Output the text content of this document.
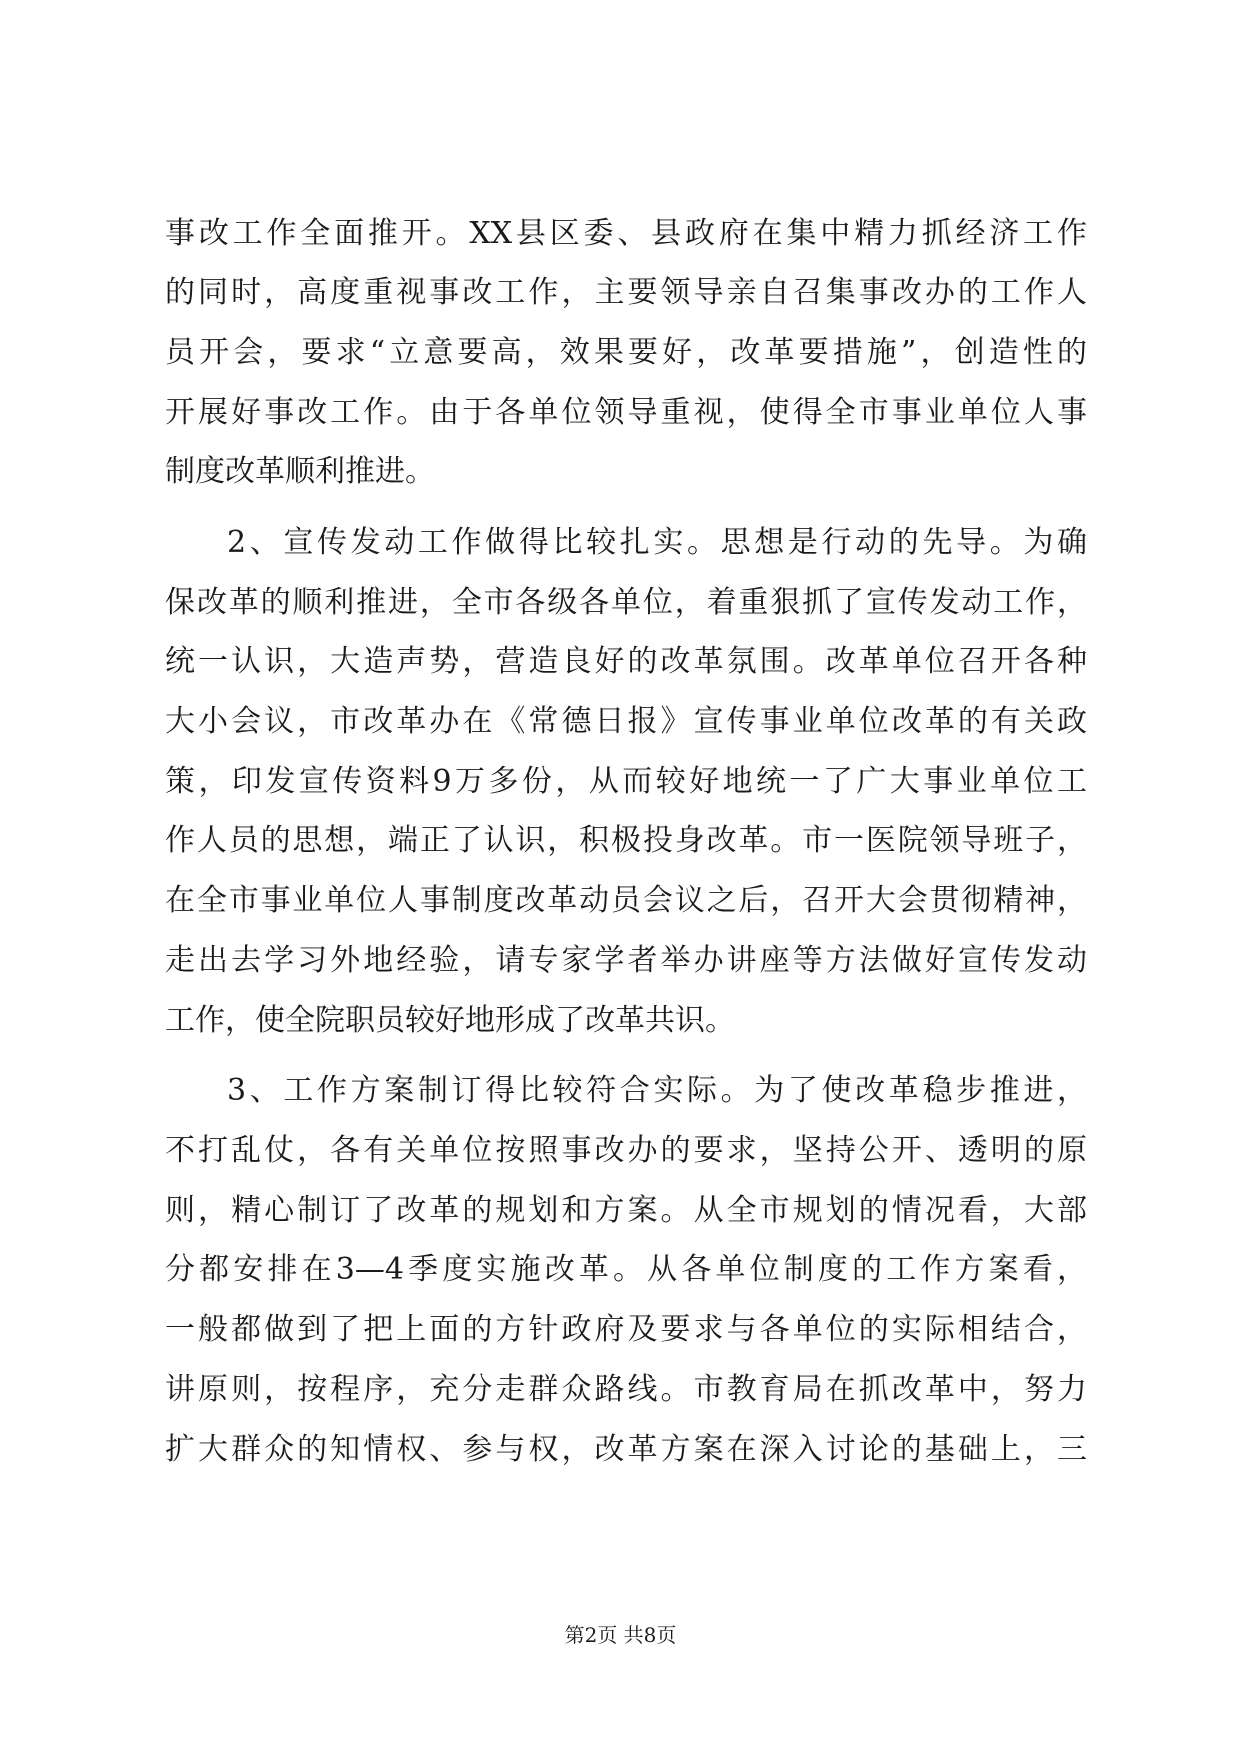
事改工作全面推开。XX县区委、县政府在集中精力抓经济工作
的同时，高度重视事改工作，主要领导亲自召集事改办的工作人
员开会，要求“立意要高，效果要好，改革要措施”，创造性的
开展好事改工作。由于各单位领导重视，使得全市事业单位人事
制度改革顺利推进。
2、宣传发动工作做得比较扎实。思想是行动的先导。为确
保改革的顺利推进，全市各级各单位，着重狠抓了宣传发动工作，
统一认识，大造声势，营造良好的改革氛围。改革单位召开各种
大小会议，市改革办在《常德日报》宣传事业单位改革的有关政
策，印发宣传资料9万多份，从而较好地统一了广大事业单位工
作人员的思想，端正了认识，积极投身改革。市一医院领导班子，
在全市事业单位人事制度改革动员会议之后，召开大会贯彻精神，
走出去学习外地经验，请专家学者举办讲座等方法做好宣传发动
工作，使全院职员较好地形成了改革共识。
3、工作方案制订得比较符合实际。为了使改革稳步推进，
不打乱仗，各有关单位按照事改办的要求，坚持公开、透明的原
则，精心制订了改革的规划和方案。从全市规划的情况看，大部
分都安排在3—4季度实施改革。从各单位制度的工作方案看，
一般都做到了把上面的方针政府及要求与各单位的实际相结合，
讲原则，按程序，充分走群众路线。市教育局在抓改革中，努力
扩大群众的知情权、参与权，改革方案在深入讨论的基础上，三
第2页 共8页
